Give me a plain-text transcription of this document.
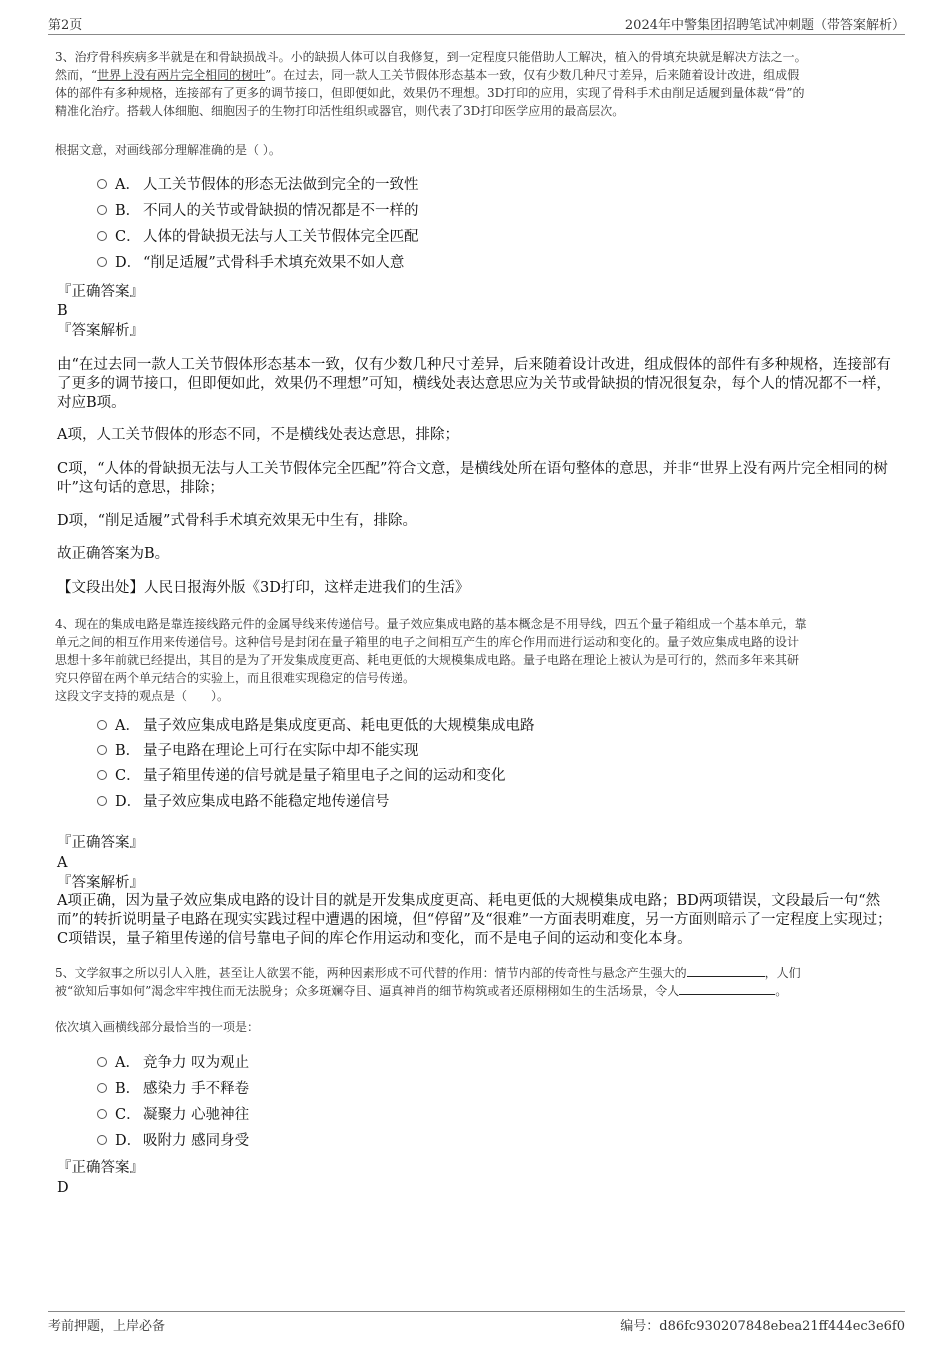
第2页	2024年中警集团招聘笔试冲刺题（带答案解析）

3、治疗骨科疾病多半就是在和骨缺损战斗。小的缺损人体可以自我修复，到一定程度只能借助人工解决，植入的骨填充块就是解决方法之一。

然而，“世界上没有两片完全相同的树叶”。在过去，同一款人工关节假体形态基本一致，仅有少数几种尺寸差异，后来随着设计改进，组成假

体的部件有多种规格，连接部有了更多的调节接口，但即便如此，效果仍不理想。3D打印的应用，实现了骨科手术由削足适履到量体裁“骨”的

精准化治疗。搭载人体细胞、细胞因子的生物打印活性组织或器官，则代表了3D打印医学应用的最高层次。

根据文意，对画线部分理解准确的是（ ）。
A． 人工关节假体的形态无法做到完全的一致性
B． 不同人的关节或骨缺损的情况都是不一样的
C． 人体的骨缺损无法与人工关节假体完全匹配
D． “削足适履”式骨科手术填充效果不如人意
『正确答案』
B
『答案解析』
由“在过去同一款人工关节假体形态基本一致，仅有少数几种尺寸差异，后来随着设计改进，组成假体的部件有多种规格，连接部有了更多的调节接口，但即便如此，效果仍不理想”可知，横线处表达意思应为关节或骨缺损的情况很复杂，每个人的情况都不一样，对应B项。
A项，人工关节假体的形态不同，不是横线处表达意思，排除；
C项，“人体的骨缺损无法与人工关节假体完全匹配”符合文意，是横线处所在语句整体的意思，并非“世界上没有两片完全相同的树叶”这句话的意思，排除；
D项，“削足适履”式骨科手术填充效果无中生有，排除。
故正确答案为B。
【文段出处】人民日报海外版《3D打印，这样走进我们的生活》

4、现在的集成电路是靠连接线路元件的金属导线来传递信号。量子效应集成电路的基本概念是不用导线，四五个量子箱组成一个基本单元，靠

单元之间的相互作用来传递信号。这种信号是封闭在量子箱里的电子之间相互产生的库仑作用而进行运动和变化的。量子效应集成电路的设计

思想十多年前就已经提出，其目的是为了开发集成度更高、耗电更低的大规模集成电路。量子电路在理论上被认为是可行的，然而多年来其研

究只停留在两个单元结合的实验上，而且很难实现稳定的信号传递。

这段文字支持的观点是（　　）。

A． 量子效应集成电路是集成度更高、耗电更低的大规模集成电路
B． 量子电路在理论上可行在实际中却不能实现
C． 量子箱里传递的信号就是量子箱里电子之间的运动和变化
D． 量子效应集成电路不能稳定地传递信号
『正确答案』
A
『答案解析』
A项正确，因为量子效应集成电路的设计目的就是开发集成度更高、耗电更低的大规模集成电路；BD两项错误，文段最后一句“然而”的转折说明量子电路在现实实践过程中遭遇的困境，但“停留”及“很难”一方面表明难度，另一方面则暗示了一定程度上实现过；C项错误，量子箱里传递的信号靠电子间的库仑作用运动和变化，而不是电子间的运动和变化本身。

5、文学叙事之所以引人入胜，甚至让人欲罢不能，两种因素形成不可代替的作用：情节内部的传奇性与悬念产生强大的	，人们

被“欲知后事如何”渴念牢牢拽住而无法脱身；众多斑斓夺目、逼真神肖的细节构筑或者还原栩栩如生的生活场景，令人	。

依次填入画横线部分最恰当的一项是：
A． 竞争力 叹为观止
B． 感染力 手不释卷
C． 凝聚力 心驰神往
D． 吸附力 感同身受
『正确答案』
D
考前押题，上岸必备	编号：d86fc930207848ebea21ff444ec3e6f0
